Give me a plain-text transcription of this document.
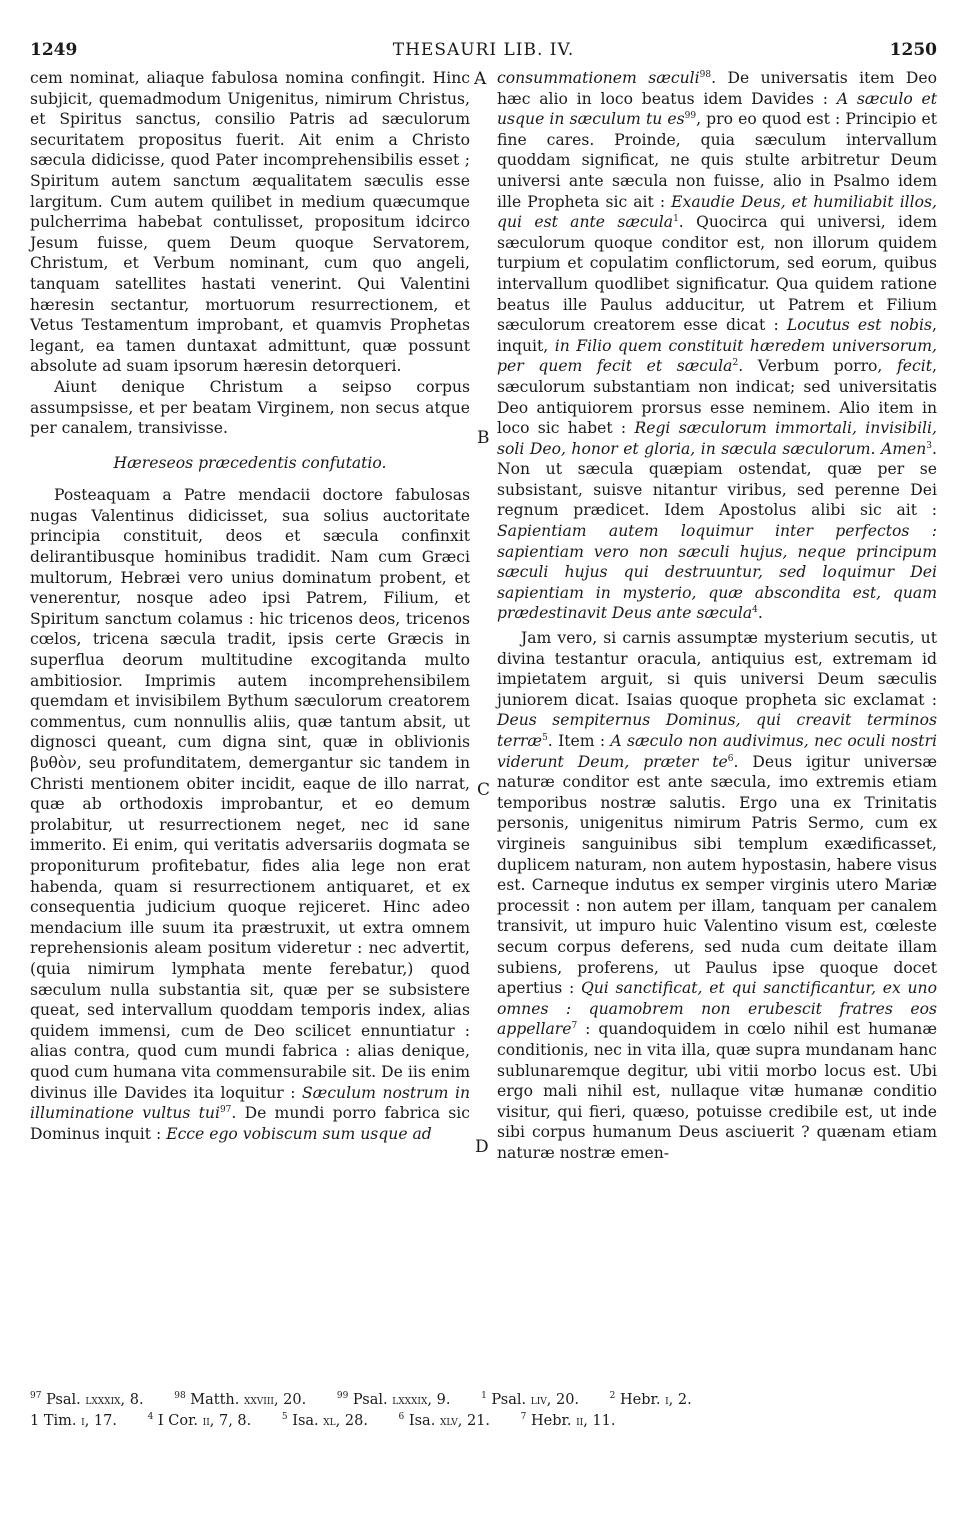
1249	THESAURI LIB. IV.	1250
A
B
C
D

cem nominat, aliaque fabulosa nomina confingit. Hinc subjicit, quemadmodum Unigenitus, nimirum Christus, et Spiritus sanctus, consilio Patris ad sæculorum securitatem propositus fuerit. Ait enim a Christo sæcula didicisse, quod Pater incomprehensibilis esset ; Spiritum autem sanctum æqualitatem sæculis esse largitum. Cum autem quilibet in medium quæcumque pulcherrima habebat contulisset, propositum idcirco Jesum fuisse, quem Deum quoque Servatorem, Christum, et Verbum nominant, cum quo angeli, tanquam satellites hastati venerint. Qui Valentini hæresin sectantur, mortuorum resurrectionem, et Vetus Testamentum improbant, et quamvis Prophetas legant, ea tamen duntaxat admittunt, quæ possunt absolute ad suam ipsorum hæresin detorqueri.

Aiunt denique Christum a seipso corpus assumpsisse, et per beatam Virginem, non secus atque per canalem, transivisse.

Hæreseos præcedentis confutatio.

Posteaquam a Patre mendacii doctore fabulosas nugas Valentinus didicisset, sua solius auctoritate principia constituit, deos et sæcula confinxit delirantibusque hominibus tradidit. Nam cum Græci multorum, Hebræi vero unius dominatum probent, et venerentur, nosque adeo ipsi Patrem, Filium, et Spiritum sanctum colamus : hic tricenos deos, tricenos cœlos, tricena sæcula tradit, ipsis certe Græcis in superflua deorum multitudine excogitanda multo ambitiosior. Imprimis autem incomprehensibilem quemdam et invisibilem Bythum sæculorum creatorem commentus, cum nonnullis aliis, quæ tantum absit, ut dignosci queant, cum digna sint, quæ in oblivionis βυθὸν, seu profunditatem, demergantur sic tandem in Christi mentionem obiter incidit, eaque de illo narrat, quæ ab orthodoxis improbantur, et eo demum prolabitur, ut resurrectionem neget, nec id sane immerito. Ei enim, qui veritatis adversariis dogmata se proponiturum profitebatur, fides alia lege non erat habenda, quam si resurrectionem antiquaret, et ex consequentia judicium quoque rejiceret. Hinc adeo mendacium ille suum ita præstruxit, ut extra omnem reprehensionis aleam positum videretur : nec advertit, (quia nimirum lymphata mente ferebatur,) quod sæculum nulla substantia sit, quæ per se subsistere queat, sed intervallum quoddam temporis index, alias quidem immensi, cum de Deo scilicet ennuntiatur : alias contra, quod cum mundi fabrica : alias denique, quod cum humana vita commensurabile sit. De iis enim divinus ille Davides ita loquitur : Sæculum nostrum in illuminatione vultus tui$^{97}$. De mundi porro fabrica sic Dominus inquit : Ecce ego vobiscum sum usque ad

consummationem sæculi$^{98}$. De universatis item Deo hæc alio in loco beatus idem Davides : A sæculo et usque in sæculum tu $es^{99}$, pro eo quod est : Principio et fine cares. Proinde, quia sæculum intervallum quoddam significat, ne quis stulte arbitretur Deum universi ante sæcula non fuisse, alio in Psalmo idem ille Propheta sic ait : Exaudie Deus, et humiliabit illos, qui est ante sæcula$^1$. Quocirca qui universi, idem sæculorum quoque conditor est, non illorum quidem turpium et copulatim conflictorum, sed eorum, quibus intervallum quodlibet significatur. Qua quidem ratione beatus ille Paulus adducitur, ut Patrem et Filium sæculorum creatorem esse dicat : Locutus est nobis, inquit, in Filio quem constituit hæredem universorum, per quem fecit et sæcula$^2$. Verbum porro, fecit, sæculorum substantiam non indicat; sed universitatis Deo antiquiorem prorsus esse neminem. Alio item in loco sic habet : Regi sæculorum immortali, invisibili, soli Deo, honor et gloria, in sæcula sæculorum. Amen$^3$. Non ut sæcula quæpiam ostendat, quæ per se subsistant, suisve nitantur viribus, sed perenne Dei regnum prædicet. Idem Apostolus alibi sic ait : Sapientiam autem loquimur inter perfectos : sapientiam vero non sæculi hujus, neque principum sæculi hujus qui destruuntur, sed loquimur Dei sapientiam in mysterio, quæ abscondita est, quam prædestinavit Deus ante sæcula$^4$.

Jam vero, si carnis assumptæ mysterium secutis, ut divina testantur oracula, antiquius est, extremam id impietatem arguit, si quis universi Deum sæculis juniorem dicat. Isaias quoque propheta sic exclamat : Deus sempiternus Dominus, qui creavit terminos terræ$^5$. Item : A sæculo non audivimus, nec oculi nostri viderunt Deum, præter $te^6$. Deus igitur universæ naturæ conditor est ante sæcula, imo extremis etiam temporibus nostræ salutis. Ergo una ex Trinitatis personis, unigenitus nimirum Patris Sermo, cum ex virgineis sanguinibus sibi templum exædificasset, duplicem naturam, non autem hypostasin, habere visus est. Carneque indutus ex semper virginis utero Mariæ processit : non autem per illam, tanquam per canalem transivit, ut impuro huic Valentino visum est, cœleste secum corpus deferens, sed nuda cum deitate illam subiens, proferens, ut Paulus ipse quoque docet apertius : Qui sanctificat, et qui sanctificantur, ex uno omnes : quamobrem non erubescit fratres eos appellare$^7$ : quandoquidem in cœlo nihil est humanæ conditionis, nec in vita illa, quæ supra mundanam hanc sublunaremque degitur, ubi vitii morbo locus est. Ubi ergo mali nihil est, nullaque vitæ humanæ conditio visitur, qui fieri, quæso, potuisse credibile est, ut inde sibi corpus humanum Deus asciuerit ? quænam etiam naturæ nostræ emen-

$^{97}$ Psal. lxxxix, 8.	$^{98}$ Matth. xxviii, 20.	$^{99}$ Psal. lxxxix, 9.	$^1$ Psal. liv, 20.	$^2$ Hebr. i, 2.
1 Tim. i, 17.	$^4$ I Cor. ii, 7, 8.	$^5$ Isa. xl, 28.	$^6$ Isa. xlv, 21.	$^7$ Hebr. ii, 11.
